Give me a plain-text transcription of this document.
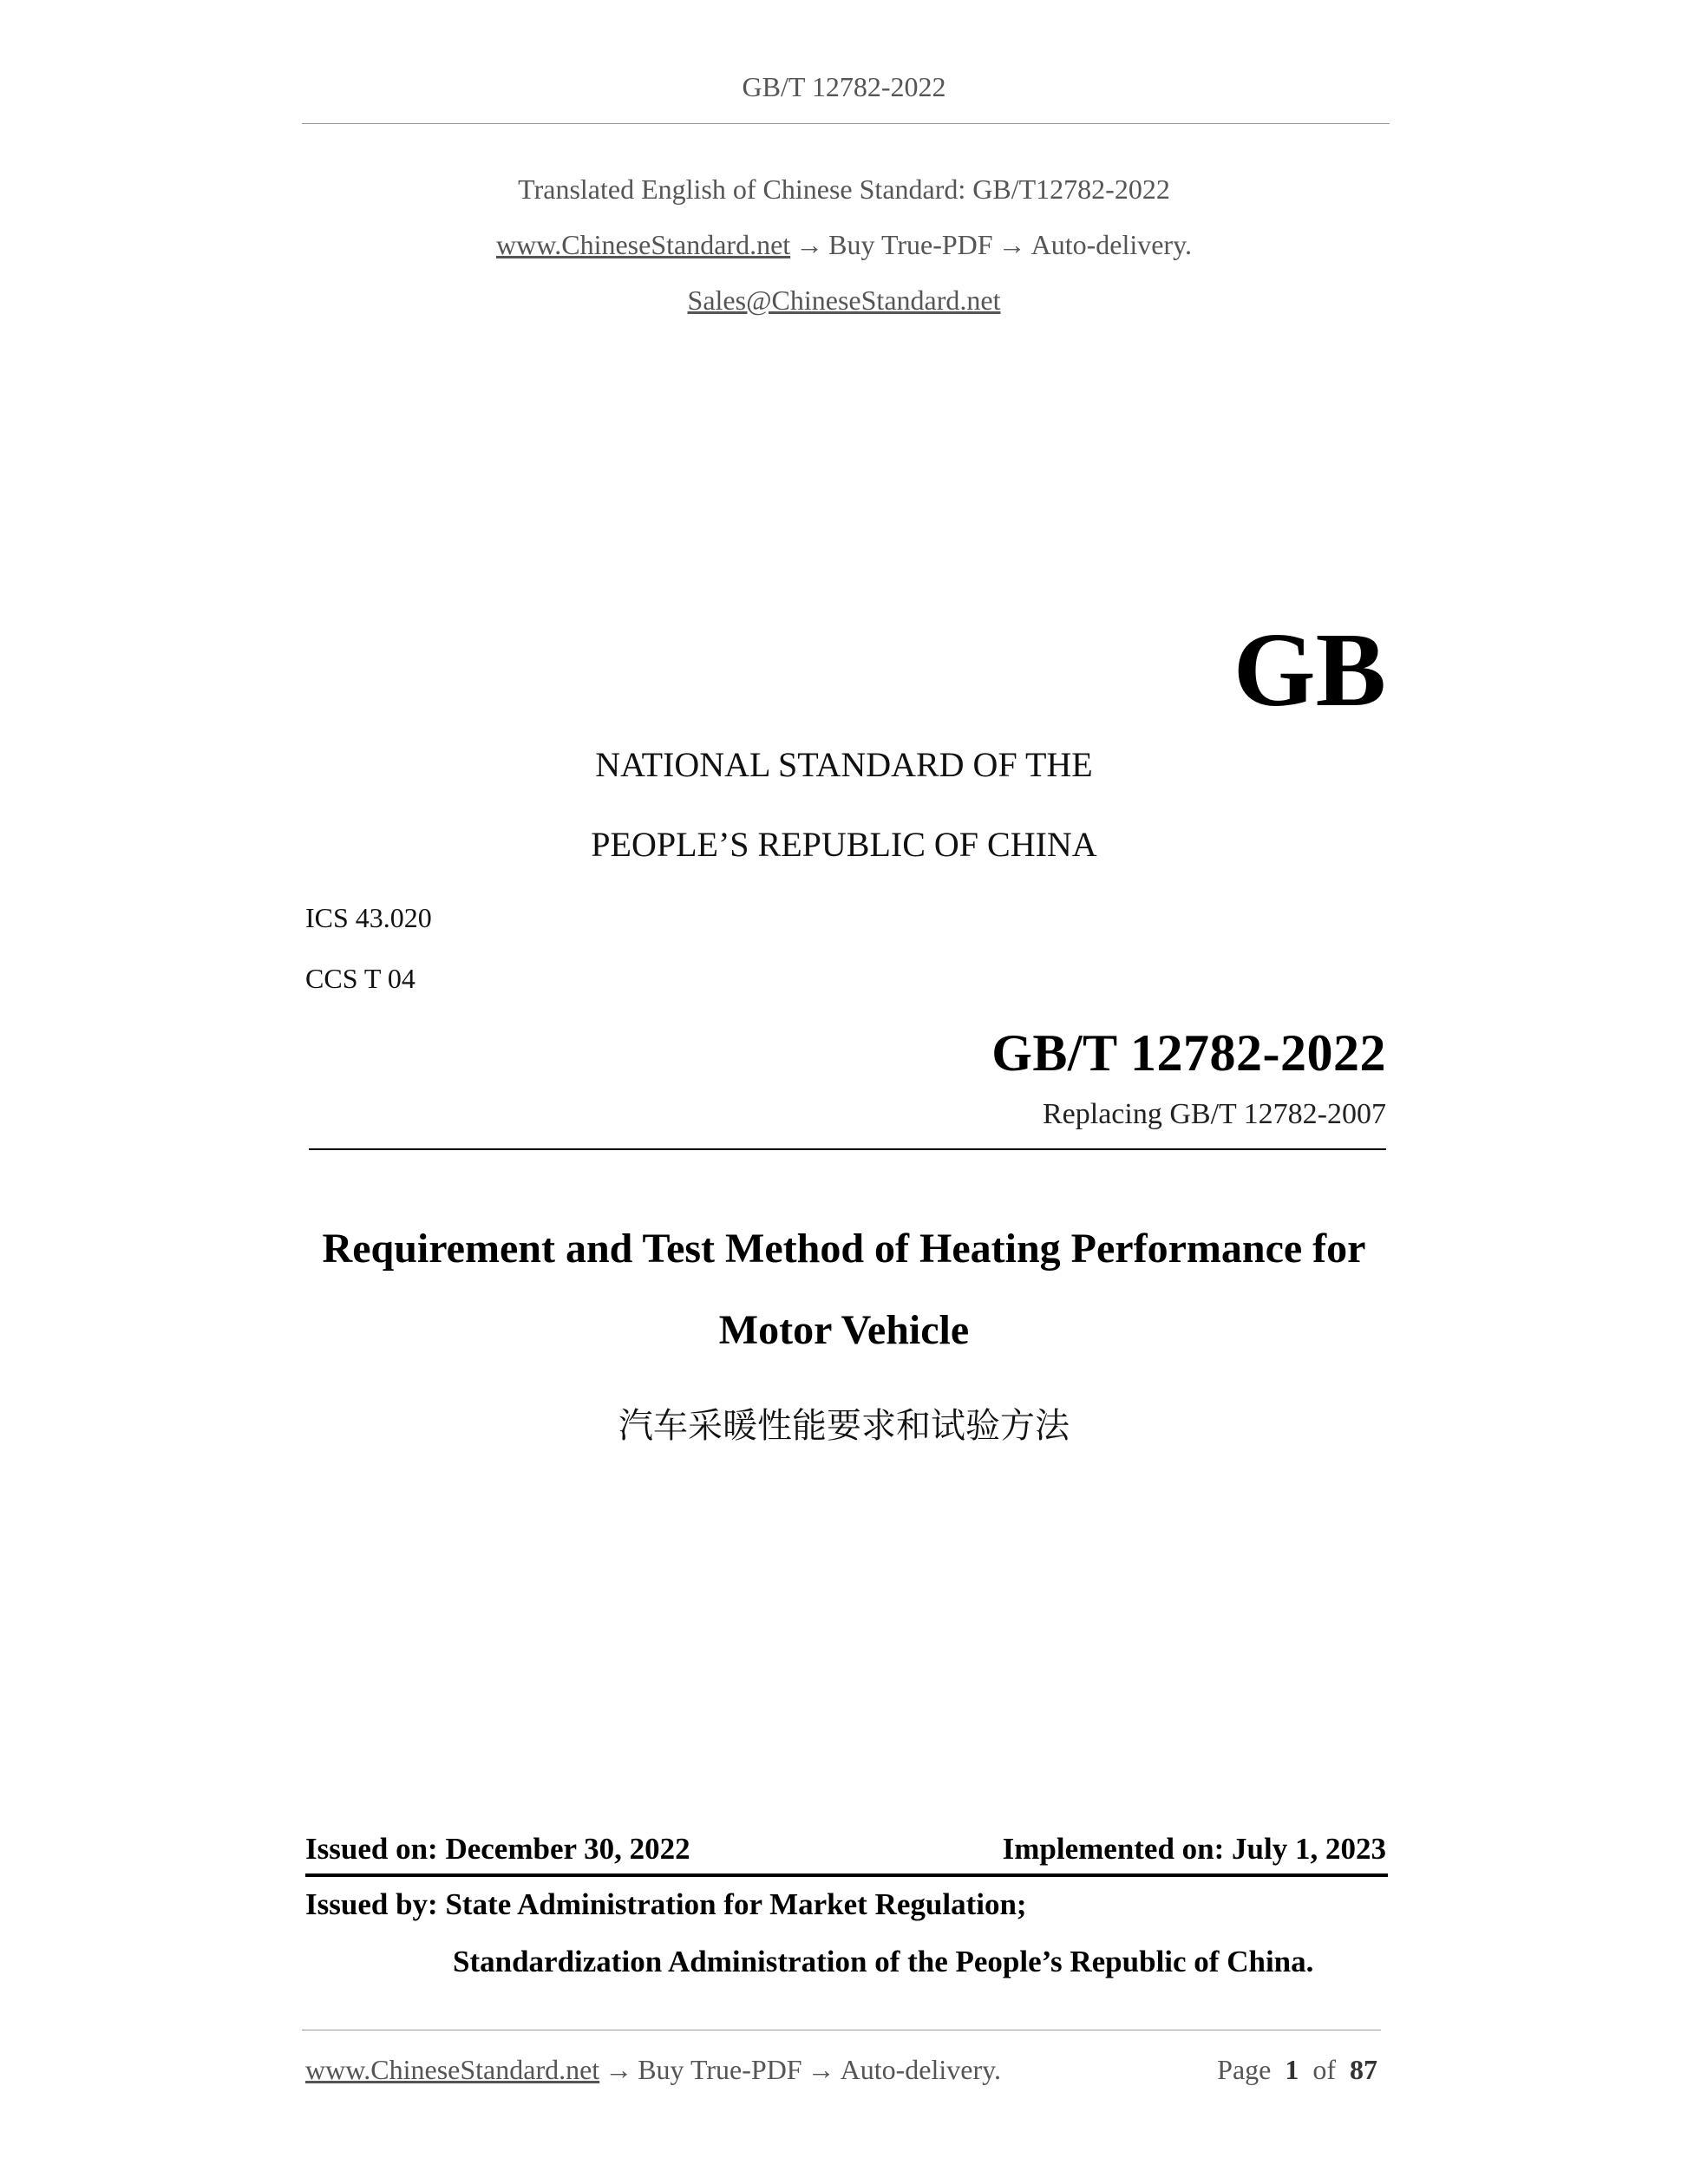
GB/T 12782-2022
Translated English of Chinese Standard: GB/T12782-2022
www.ChineseStandard.net → Buy True-PDF → Auto-delivery.
Sales@ChineseStandard.net
GB
NATIONAL STANDARD OF THE
PEOPLE’S REPUBLIC OF CHINA
ICS 43.020
CCS T 04
GB/T 12782-2022
Replacing GB/T 12782-2007
Requirement and Test Method of Heating Performance for
Motor Vehicle
汽车采暖性能要求和试验方法
Issued on: December 30, 2022	Implemented on: July 1, 2023
Issued by: State Administration for Market Regulation;
Standardization Administration of the People’s Republic of China.
www.ChineseStandard.net → Buy True-PDF → Auto-delivery.	Page 1 of 87
